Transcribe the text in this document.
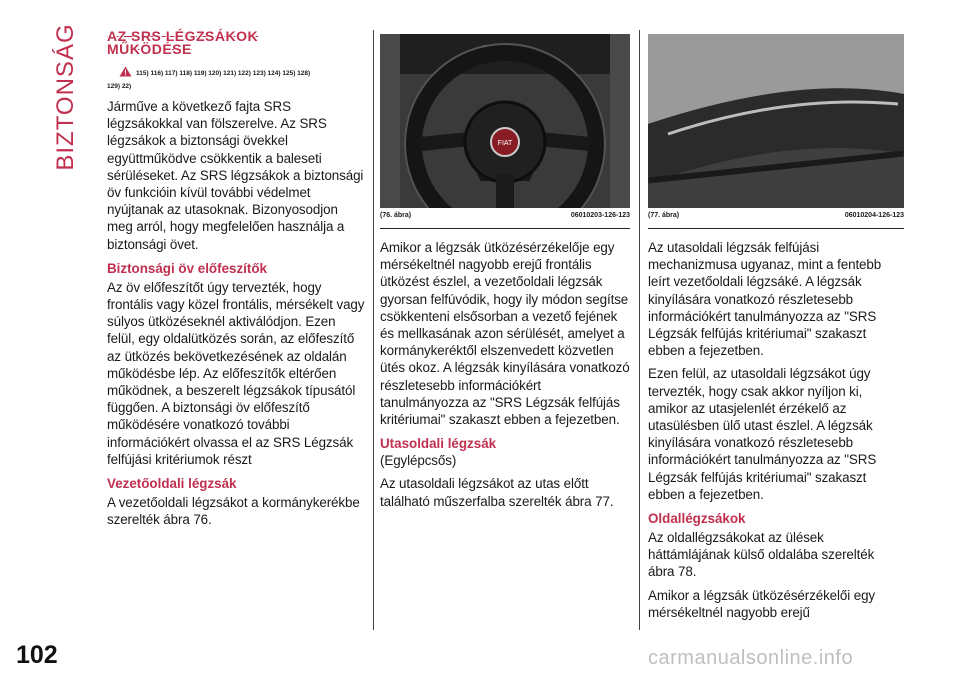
BIZTONSÁG
102
AZ SRS LÉGZSÁKOK
MŰKÖDÉSE
115) 116) 117) 118) 119) 120) 121) 122) 123) 124) 125) 128)
129) 22)

Járműve a következő fajta SRS légzsákokkal van fölszerelve. Az SRS légzsákok a biztonsági övekkel együttműködve csökkentik a baleseti sérüléseket. Az SRS légzsákok a biztonsági öv funkcióin kívül további védelmet nyújtanak az utasoknak. Bizonyosodjon meg arról, hogy megfelelően használja a biztonsági övet.

Biztonsági öv előfeszítők

Az öv előfeszítőt úgy tervezték, hogy frontális vagy közel frontális, mérsékelt vagy súlyos ütközéseknél aktiválódjon. Ezen felül, egy oldalütközés során, az előfeszítő az ütközés bekövetkezésének az oldalán működésbe lép. Az előfeszítők eltérően működnek, a beszerelt légzsákok típusától függően. A biztonsági öv előfeszítő működésére vonatkozó további információkért olvassa el az SRS Légzsák felfújási kritériumok részt

Vezetőoldali légzsák

A vezetőoldali légzsákot a kormánykerékbe szerelték ábra 76.

FIAT
(76. ábra)	06010203-126-123

Amikor a légzsák ütközésérzékelője egy mérsékeltnél nagyobb erejű frontális ütközést észlel, a vezetőoldali légzsák gyorsan felfúvódik, hogy ily módon segítse csökkenteni elsősorban a vezető fejének és mellkasának azon sérülését, amelyet a kormánykeréktől elszenvedett közvetlen ütés okoz. A légzsák kinyílására vonatkozó részletesebb információkért tanulmányozza az "SRS Légzsák felfújás kritériumai" szakaszt ebben a fejezetben.

Utasoldali légzsák

(Egylépcsős)

Az utasoldali légzsákot az utas előtt található műszerfalba szerelték ábra 77.

(77. ábra)	06010204-126-123

Az utasoldali légzsák felfújási mechanizmusa ugyanaz, mint a fentebb leírt vezetőoldali légzsáké. A légzsák kinyílására vonatkozó részletesebb információkért tanulmányozza az "SRS Légzsák felfújás kritériumai" szakaszt ebben a fejezetben.

Ezen felül, az utasoldali légzsákot úgy tervezték, hogy csak akkor nyíljon ki, amikor az utasjelenlét érzékelő az utasülésben ülő utast észlel. A légzsák kinyílására vonatkozó részletesebb információkért tanulmányozza az "SRS Légzsák felfújás kritériumai" szakaszt ebben a fejezetben.

Oldallégzsákok

Az oldallégzsákokat az ülések háttámlájának külső oldalába szerelték ábra 78.

Amikor a légzsák ütközésérzékelői egy mérsékeltnél nagyobb erejű

carmanualsonline.info
